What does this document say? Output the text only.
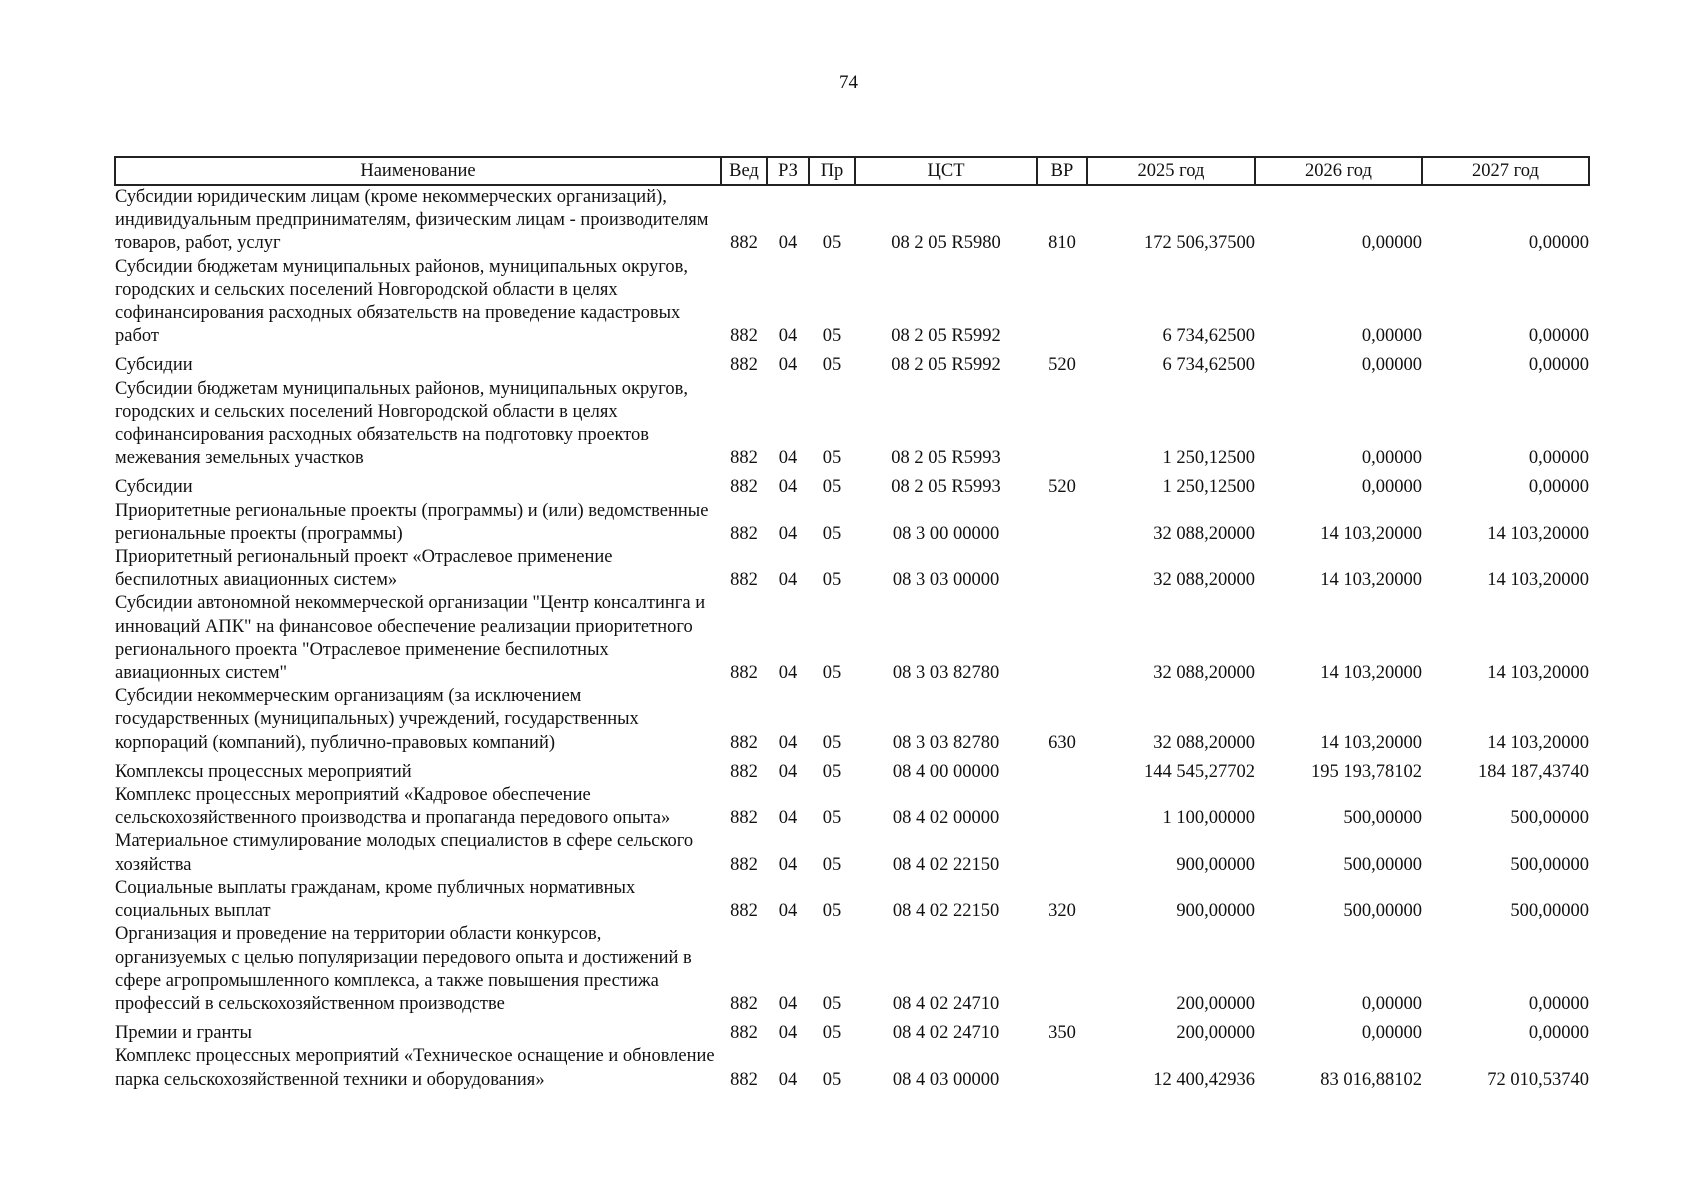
74
Наименование	Вед	РЗ	Пр	ЦСТ	ВР	2025 год	2026 год	2027 год
Субсидии юридическим лицам (кроме некоммерческих организаций), индивидуальным предпринимателям, физическим лицам - производителям товаров, работ, услуг	882	04	05	08 2 05 R5980	810	172 506,37500	0,00000	0,00000
Субсидии бюджетам муниципальных районов, муниципальных округов, городских и сельских поселений Новгородской области в целях софинансирования расходных обязательств на проведение кадастровых работ	882	04	05	08 2 05 R5992		6 734,62500	0,00000	0,00000
Субсидии	882	04	05	08 2 05 R5992	520	6 734,62500	0,00000	0,00000
Субсидии бюджетам муниципальных районов, муниципальных округов, городских и сельских поселений Новгородской области в целях софинансирования расходных обязательств на подготовку проектов межевания земельных участков	882	04	05	08 2 05 R5993		1 250,12500	0,00000	0,00000
Субсидии	882	04	05	08 2 05 R5993	520	1 250,12500	0,00000	0,00000
Приоритетные региональные проекты (программы) и (или) ведомственные региональные проекты (программы)	882	04	05	08 3 00 00000		32 088,20000	14 103,20000	14 103,20000
Приоритетный региональный проект «Отраслевое применение беспилотных авиационных систем»	882	04	05	08 3 03 00000		32 088,20000	14 103,20000	14 103,20000
Субсидии автономной некоммерческой организации "Центр консалтинга и инноваций АПК" на финансовое обеспечение реализации приоритетного регионального проекта "Отраслевое применение беспилотных авиационных систем"	882	04	05	08 3 03 82780		32 088,20000	14 103,20000	14 103,20000
Субсидии некоммерческим организациям (за исключением государственных (муниципальных) учреждений, государственных корпораций (компаний), публично-правовых компаний)	882	04	05	08 3 03 82780	630	32 088,20000	14 103,20000	14 103,20000
Комплексы процессных мероприятий	882	04	05	08 4 00 00000		144 545,27702	195 193,78102	184 187,43740
Комплекс процессных мероприятий «Кадровое обеспечение сельскохозяйственного производства и пропаганда передового опыта»	882	04	05	08 4 02 00000		1 100,00000	500,00000	500,00000
Материальное стимулирование молодых специалистов в сфере сельского хозяйства	882	04	05	08 4 02 22150		900,00000	500,00000	500,00000
Социальные выплаты гражданам, кроме публичных нормативных социальных выплат	882	04	05	08 4 02 22150	320	900,00000	500,00000	500,00000
Организация и проведение на территории области конкурсов, организуемых с целью популяризации передового опыта и достижений в сфере агропромышленного комплекса, а также повышения престижа профессий в сельскохозяйственном производстве	882	04	05	08 4 02 24710		200,00000	0,00000	0,00000
Премии и гранты	882	04	05	08 4 02 24710	350	200,00000	0,00000	0,00000
Комплекс процессных мероприятий «Техническое оснащение и обновление парка сельскохозяйственной техники и оборудования»	882	04	05	08 4 03 00000		12 400,42936	83 016,88102	72 010,53740
